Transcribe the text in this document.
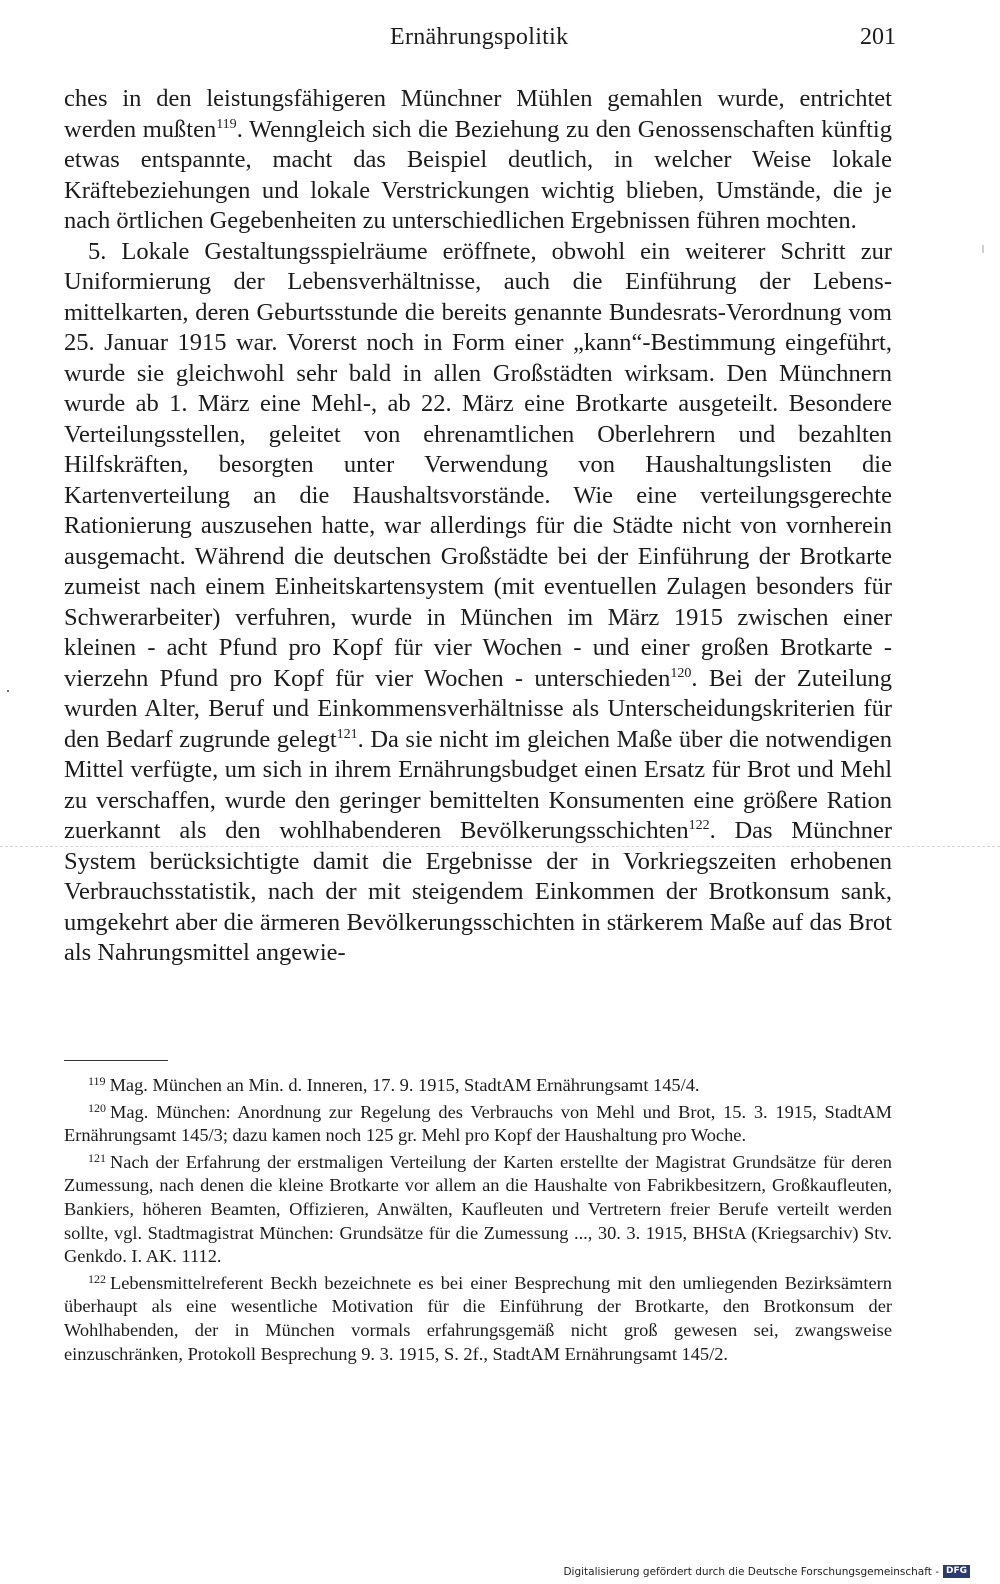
Ernährungspolitik	201

ches in den leistungsfähigeren Münchner Mühlen gemahlen wurde, entrichtet werden mußten$^{119}$. Wenngleich sich die Beziehung zu den Genossenschaften künftig etwas entspannte, macht das Beispiel deutlich, in welcher Weise lokale Kräftebeziehungen und lokale Verstrickungen wichtig blieben, Umstände, die je nach örtlichen Gegebenheiten zu unterschiedlichen Ergebnissen führen mochten.

5. Lokale Gestaltungsspielräume eröffnete, obwohl ein weiterer Schritt zur Uniformierung der Lebensverhältnisse, auch die Einführung der Lebensmittelkarten, deren Geburtsstunde die bereits genannte Bundesrats-Verordnung vom 25. Januar 1915 war. Vorerst noch in Form einer „kann“-Bestimmung eingeführt, wurde sie gleichwohl sehr bald in allen Großstädten wirksam. Den Münchnern wurde ab 1. März eine Mehl-, ab 22. März eine Brotkarte ausgeteilt. Besondere Verteilungsstellen, geleitet von ehrenamtlichen Oberlehrern und bezahlten Hilfskräften, besorgten unter Verwendung von Haushaltungslisten die Kartenverteilung an die Haushaltsvorstände. Wie eine verteilungsgerechte Rationierung auszusehen hatte, war allerdings für die Städte nicht von vornherein ausgemacht. Während die deutschen Großstädte bei der Einführung der Brotkarte zumeist nach einem Einheitskartensystem (mit eventuellen Zulagen besonders für Schwerarbeiter) verfuhren, wurde in München im März 1915 zwischen einer kleinen - acht Pfund pro Kopf für vier Wochen - und einer großen Brotkarte - vierzehn Pfund pro Kopf für vier Wochen - unterschieden$^{120}$. Bei der Zuteilung wurden Alter, Beruf und Einkommensverhältnisse als Unterscheidungskriterien für den Bedarf zugrunde gelegt$^{121}$. Da sie nicht im gleichen Maße über die notwendigen Mittel verfügte, um sich in ihrem Ernährungsbudget einen Ersatz für Brot und Mehl zu verschaffen, wurde den geringer bemittelten Konsumenten eine größere Ration zuerkannt als den wohlhabenderen Bevölkerungsschichten$^{122}$. Das Münchner System berücksichtigte damit die Ergebnisse der in Vorkriegszeiten erhobenen Verbrauchsstatistik, nach der mit steigendem Einkommen der Brotkonsum sank, umgekehrt aber die ärmeren Bevölkerungsschichten in stärkerem Maße auf das Brot als Nahrungsmittel angewie-

$^{119}$ Mag. München an Min. d. Inneren, 17. 9. 1915, StadtAM Ernährungsamt 145/4.

$^{120}$ Mag. München: Anordnung zur Regelung des Verbrauchs von Mehl und Brot, 15. 3. 1915, StadtAM Ernährungsamt 145/3; dazu kamen noch 125 gr. Mehl pro Kopf der Haushaltung pro Woche.

$^{121}$ Nach der Erfahrung der erstmaligen Verteilung der Karten erstellte der Magistrat Grundsätze für deren Zumessung, nach denen die kleine Brotkarte vor allem an die Haushalte von Fabrikbesitzern, Großkaufleuten, Bankiers, höheren Beamten, Offizieren, Anwälten, Kaufleuten und Vertretern freier Berufe verteilt werden sollte, vgl. Stadtmagistrat München: Grundsätze für die Zumessung ..., 30. 3. 1915, BHStA (Kriegsarchiv) Stv. Genkdo. I. AK. 1112.

$^{122}$ Lebensmittelreferent Beckh bezeichnete es bei einer Besprechung mit den umliegenden Bezirksämtern überhaupt als eine wesentliche Motivation für die Einführung der Brotkarte, den Brotkonsum der Wohlhabenden, der in München vormals erfahrungsgemäß nicht groß gewesen sei, zwangsweise einzuschränken, Protokoll Besprechung 9. 3. 1915, S. 2f., StadtAM Ernährungsamt 145/2.

Digitalisierung gefördert durch die Deutsche Forschungsgemeinschaft - DFG
